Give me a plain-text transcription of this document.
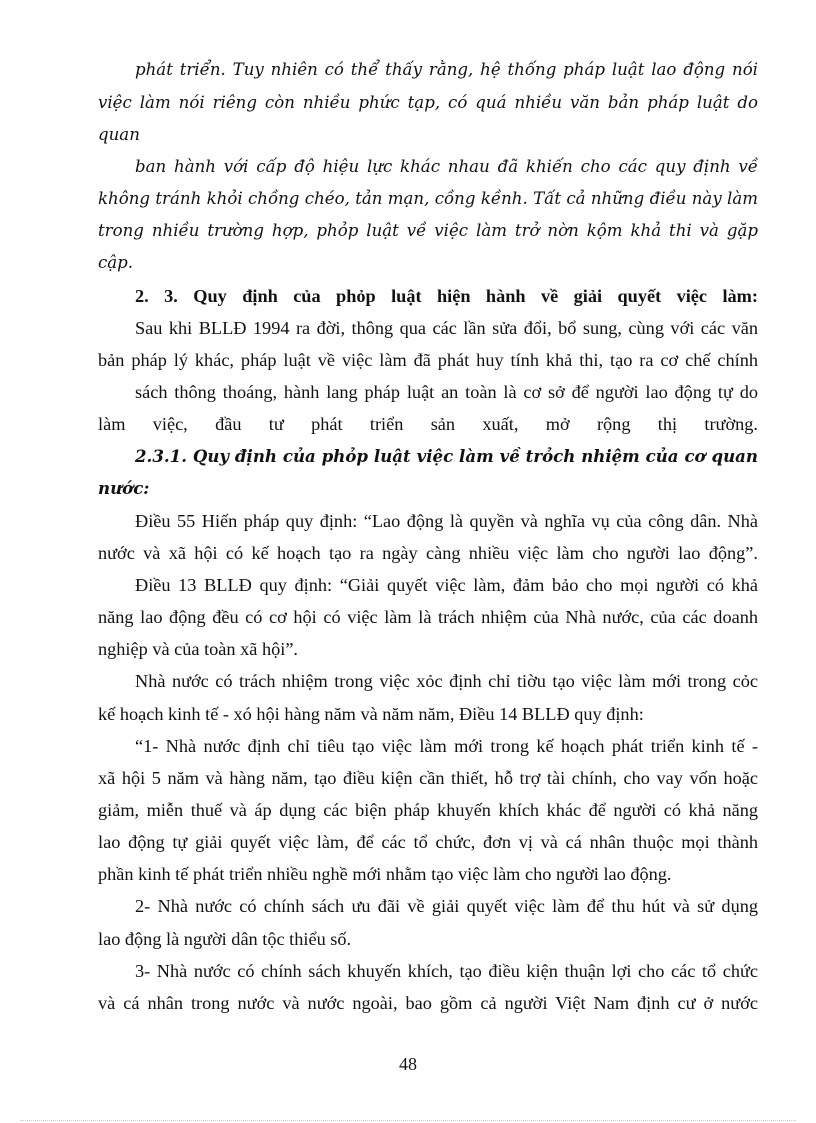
phát triển. Tuy nhiên có thể thấy rằng, hệ thống pháp luật lao động nói
việc làm nói riêng còn nhiều phức tạp, có quá nhiều văn bản pháp luật do
quan
ban hành với cấp độ hiệu lực khác nhau đã khiến cho các quy định về
không tránh khỏi chồng chéo, tản mạn, cồng kềnh. Tất cả những điều này làm
trong nhiều trường hợp, phỏp luật về việc làm trở nờn kộm khả thi và gặp
cập.
2. 3. Quy định của phỏp luật hiện hành về giải quyết việc làm:
Sau khi BLLĐ 1994 ra đời, thông qua các lần sửa đổi, bổ sung, cùng với các văn
bản pháp lý khác, pháp luật về việc làm đã phát huy tính khả thi, tạo ra cơ chế chính
sách thông thoáng, hành lang pháp luật an toàn là cơ sở để người lao động tự do
làm việc, đầu tư phát triển sản xuất, mở rộng thị trường.
2.3.1. Quy định của phỏp luật việc làm về trỏch nhiệm của cơ quan
nước:
Điều 55 Hiến pháp quy định: “Lao động là quyền và nghĩa vụ của công dân. Nhà
nước và xã hội có kế hoạch tạo ra ngày càng nhiều việc làm cho người lao động”.
Điều 13 BLLĐ quy định: “Giải quyết việc làm, đảm bảo cho mọi người có khả
năng lao động đều có cơ hội có việc làm là trách nhiệm của Nhà nước, của các doanh
nghiệp và của toàn xã hội”.
Nhà nước có trách nhiệm trong việc xỏc định chỉ tiờu tạo việc làm mới trong cỏc
kế hoạch kinh tế - xó hội hàng năm và năm năm, Điều 14 BLLĐ quy định:
“1- Nhà nước định chỉ tiêu tạo việc làm mới trong kế hoạch phát triển kinh tế -
xã hội 5 năm và hàng năm, tạo điều kiện cần thiết, hỗ trợ tài chính, cho vay vốn hoặc
giảm, miễn thuế và áp dụng các biện pháp khuyến khích khác để người có khả năng
lao động tự giải quyết việc làm, để các tổ chức, đơn vị và cá nhân thuộc mọi thành
phần kinh tế phát triển nhiều nghề mới nhằm tạo việc làm cho người lao động.
2- Nhà nước có chính sách ưu đãi về giải quyết việc làm để thu hút và sử dụng
lao động là người dân tộc thiểu số.
3- Nhà nước có chính sách khuyến khích, tạo điều kiện thuận lợi cho các tổ chức
và cá nhân trong nước và nước ngoài, bao gồm cả người Việt Nam định cư ở nước
48
